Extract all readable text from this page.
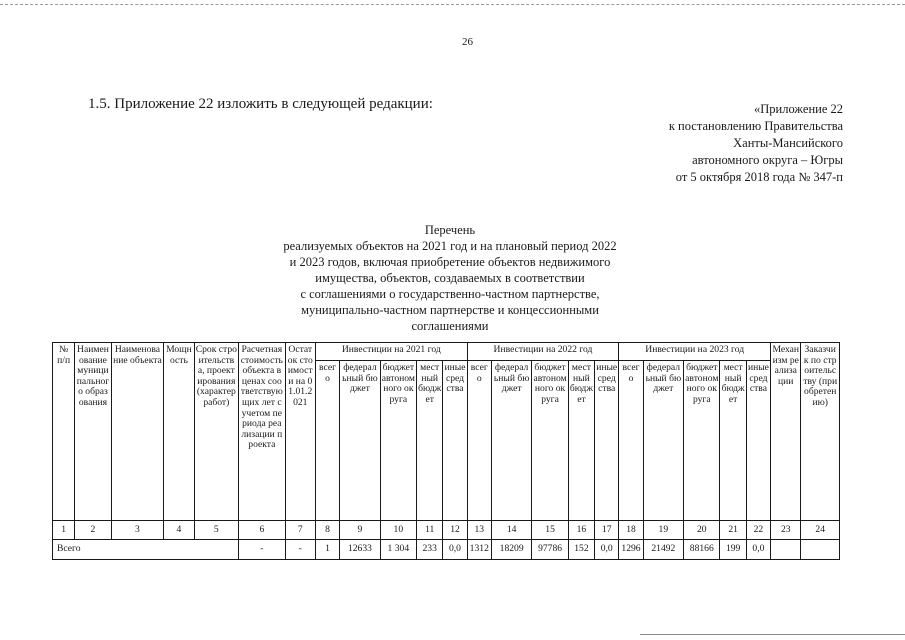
26
1.5. Приложение 22 изложить в следующей редакции:	«Приложение 22
к постановлению Правительства
Ханты-Мансийского
автономного округа – Югры
от 5 октября 2018 года № 347-п
Перечень
реализуемых объектов на 2021 год и на плановый период 2022
и 2023 годов, включая приобретение объектов недвижимого
имущества, объектов, создаваемых в соответствии
с соглашениями о государственно-частном партнерстве,
муниципально-частном партнерстве и концессионными
соглашениями
№ п/п	Наименование муниципального образования	Наименование объекта	Мощность	Срок строительства, проектирования (характер работ)	Расчетная стоимость объекта в ценах соответствующих лет с учетом периода реализации проекта	Остаток стоимости на 01.01.2021	Инвестиции на 2021 год					Инвестиции на 2022 год					Инвестиции на 2023 год					Механизм реализации	Заказчик по строительству (приобретению)
							всего	федеральный бюджет	бюджет автономного округа	местный бюджет	иные средства	всего	федеральный бюджет	бюджет автономного округа	местный бюджет	иные средства	всего	федеральный бюджет	бюджет автономного округа	местный бюджет	иные средства		
1	2	3	4	5	6	7	8	9	10	11	12	13	14	15	16	17	18	19	20	21	22	23	24
Всего					-	-	1	12633	1 304	233	0,0	1312	18209	97786	152	0,0	1296	21492	88166	199	0,0		
